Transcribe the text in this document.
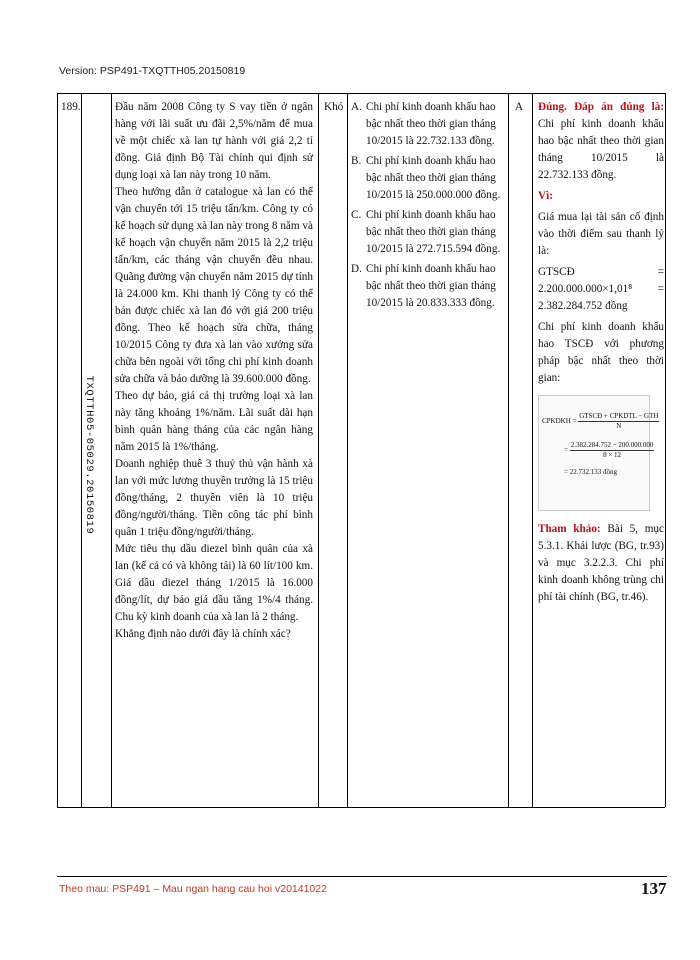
Version: PSP491-TXQTTH05.20150819
189.
TXQTTH05-05029.20150819

Đầu năm 2008 Công ty S vay tiền ở ngân hàng với lãi suất ưu đãi 2,5%/năm để mua về một chiếc xà lan tự hành với giá 2,2 tỉ đồng. Giả định Bộ Tài chính qui định sử dụng loại xà lan này trong 10 năm.

Theo hướng dẫn ở catalogue xà lan có thể vận chuyển tới 15 triệu tấn/km. Công ty có kế hoạch sử dụng xà lan này trong 8 năm và kế hoạch vận chuyển năm 2015 là 2,2 triệu tấn/km, các tháng vận chuyển đều nhau. Quãng đường vận chuyển năm 2015 dự tính là 24.000 km. Khi thanh lý Công ty có thể bán được chiếc xà lan đó với giá 200 triệu đồng. Theo kế hoạch sửa chữa, tháng 10/2015 Công ty đưa xà lan vào xưởng sửa chữa bên ngoài với tổng chi phí kinh doanh sửa chữa và bảo dưỡng là 39.600.000 đồng.

Theo dự báo, giá cả thị trường loại xà lan này tăng khoảng 1%/năm. Lãi suất dài hạn bình quân hàng tháng của các ngân hàng năm 2015 là 1%/tháng.

Doanh nghiệp thuê 3 thuỷ thủ vận hành xà lan với mức lương thuyền trưởng là 15 triệu đồng/tháng, 2 thuyền viên là 10 triệu đồng/người/tháng. Tiền công tác phí bình quân 1 triệu đồng/người/tháng.

Mức tiêu thụ dầu diezel bình quân của xà lan (kể cả có và không tải) là 60 lít/100 km. Giá dầu diezel tháng 1/2015 là 16.000 đồng/lít, dự báo giá dầu tăng 1%/4 tháng. Chu kỳ kinh doanh của xà lan là 2 tháng.

Khẳng định nào dưới đây là chính xác?

Khó A. Chi phí kinh doanh khấu hao bậc nhất theo thời gian tháng 10/2015 là 22.732.133 đồng.
B. Chi phí kinh doanh khấu hao bậc nhất theo thời gian tháng 10/2015 là 250.000.000 đồng.
C. Chi phí kinh doanh khấu hao bậc nhất theo thời gian tháng 10/2015 là 272.715.594 đồng.
D. Chi phí kinh doanh khấu hao bậc nhất theo thời gian tháng 10/2015 là 20.833.333 đồng.
A Đúng. Đáp án đúng là: Chi phí kinh doanh khấu hao bậc nhất theo thời gian tháng 10/2015 là 22.732.133 đồng.

Vì:

Giá mua lại tài sản cố định vào thời điểm sau thanh lý là:

GTSCĐ = 2.200.000.000×1,01⁸ = 2.382.284.752 đồng

Chi phí kinh doanh khấu hao TSCĐ với phương pháp bậc nhất theo thời gian:

CPKDKH = $\frac{\text{GTSCĐ + CPKDTL − GTH}}{N}$
= $\frac{2.382.284.752 - 200.000.000}{8 \times 12}$
= 22.732.133 đồng

Tham khảo: Bài 5, mục 5.3.1. Khái lược (BG, tr.93) và mục 3.2.2.3. Chi phí kinh doanh không trùng chi phí tài chính (BG, tr.46).

Theo mau: PSP491 – Mau ngan hang cau hoi v20141022	137
